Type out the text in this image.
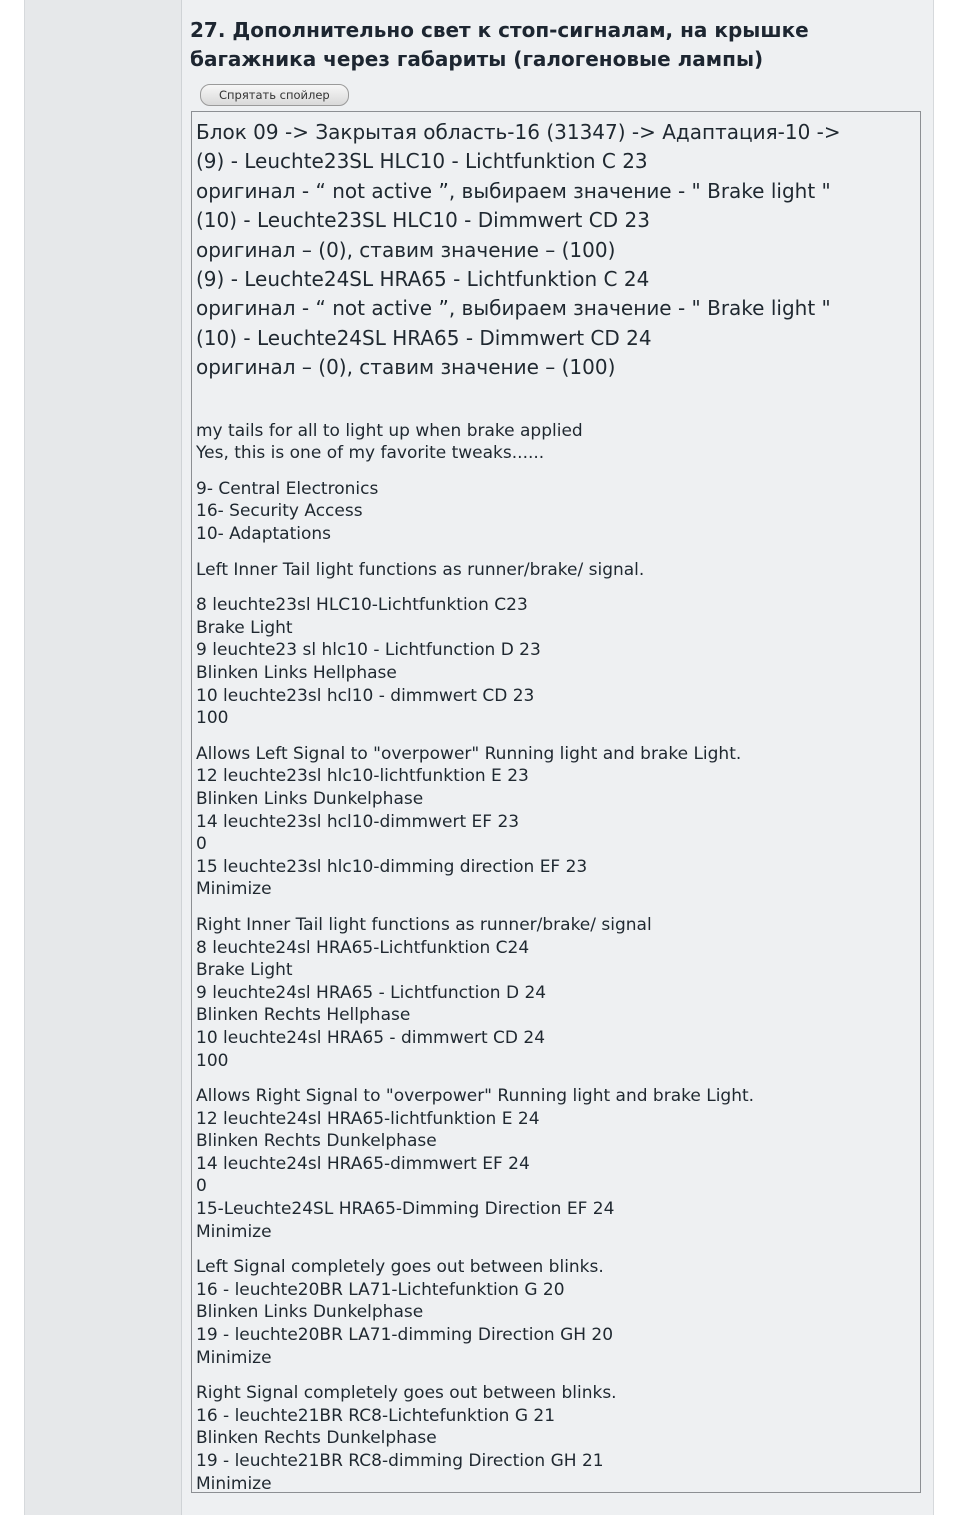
27. Дополнительно свет к стоп-сигналам, на крышке багажника через габариты (галогеновые лампы)
Спрятать спойлер
Блок 09 -> Закрытая область-16 (31347) -> Адаптация-10 ->
(9) - Leuchte23SL HLC10 - Lichtfunktion C 23
оригинал - “ not active ”, выбираем значение - " Brake light "
(10) - Leuchte23SL HLC10 - Dimmwert CD 23
оригинал – (0), ставим значение – (100)
(9) - Leuchte24SL HRA65 - Lichtfunktion C 24
оригинал - “ not active ”, выбираем значение - " Brake light "
(10) - Leuchte24SL HRA65 - Dimmwert CD 24
оригинал – (0), ставим значение – (100)
my tails for all to light up when brake applied
Yes, this is one of my favorite tweaks......
9- Central Electronics
16- Security Access
10- Adaptations
Left Inner Tail light functions as runner/brake/ signal.
8 leuchte23sl HLC10-Lichtfunktion C23
Brake Light
9 leuchte23 sl hlc10 - Lichtfunction D 23
Blinken Links Hellphase
10 leuchte23sl hcl10 - dimmwert CD 23
100
Allows Left Signal to "overpower" Running light and brake Light.
12 leuchte23sl hlc10-lichtfunktion E 23
Blinken Links Dunkelphase
14 leuchte23sl hcl10-dimmwert EF 23
0
15 leuchte23sl hlc10-dimming direction EF 23
Minimize
Right Inner Tail light functions as runner/brake/ signal
8 leuchte24sl HRA65-Lichtfunktion C24
Brake Light
9 leuchte24sl HRA65 - Lichtfunction D 24
Blinken Rechts Hellphase
10 leuchte24sl HRA65 - dimmwert CD 24
100
Allows Right Signal to "overpower" Running light and brake Light.
12 leuchte24sl HRA65-lichtfunktion E 24
Blinken Rechts Dunkelphase
14 leuchte24sl HRA65-dimmwert EF 24
0
15-Leuchte24SL HRA65-Dimming Direction EF 24
Minimize
Left Signal completely goes out between blinks.
16 - leuchte20BR LA71-Lichtefunktion G 20
Blinken Links Dunkelphase
19 - leuchte20BR LA71-dimming Direction GH 20
Minimize
Right Signal completely goes out between blinks.
16 - leuchte21BR RC8-Lichtefunktion G 21
Blinken Rechts Dunkelphase
19 - leuchte21BR RC8-dimming Direction GH 21
Minimize
